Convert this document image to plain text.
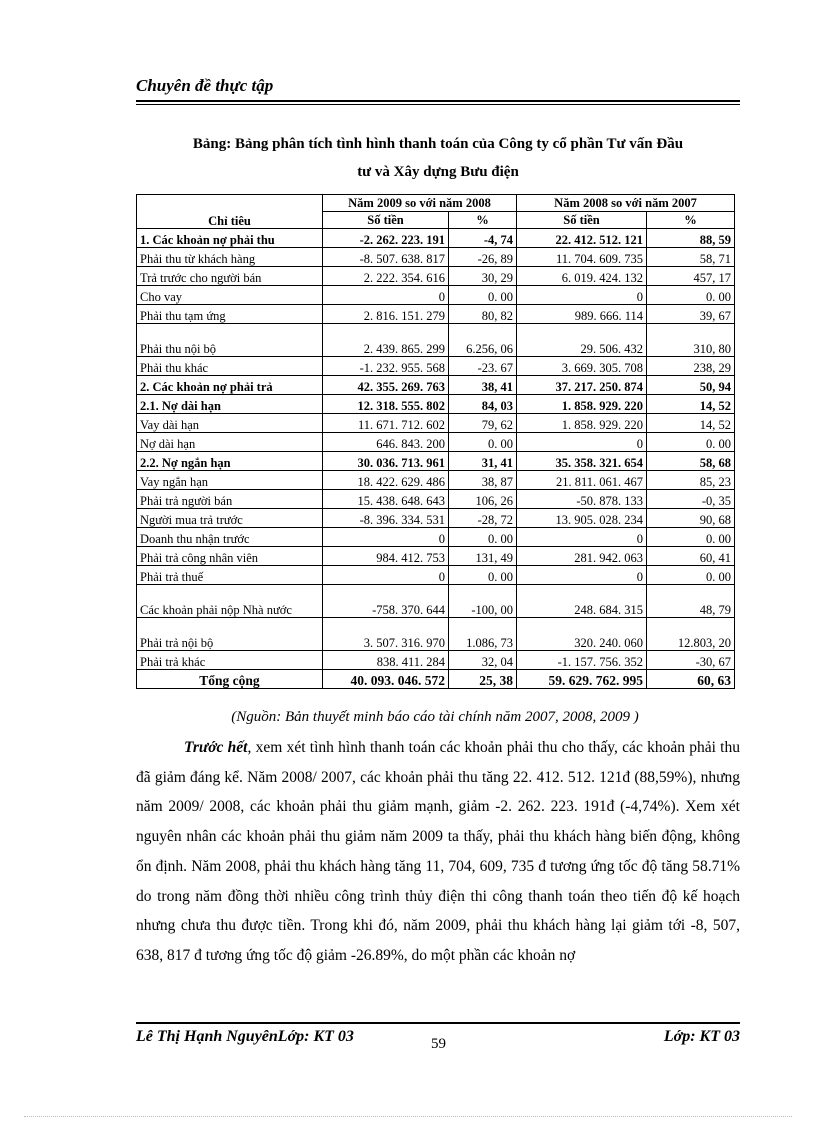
Chuyên đề thực tập
Bảng: Bảng phân tích tình hình thanh toán của Công ty cổ phần Tư vấn Đầu
tư và Xây dựng Bưu điện
Chỉ tiêu	Năm 2009 so với năm 2008		Năm 2008 so với năm 2007	
	Số tiền	%	Số tiền	%
1. Các khoản nợ phải thu	-2. 262. 223. 191	-4, 74	22. 412. 512. 121	88, 59
Phải thu từ khách hàng	-8. 507. 638. 817	-26, 89	11. 704. 609. 735	58, 71
Trả trước cho người bán	2. 222. 354. 616	30, 29	6. 019. 424. 132	457, 17
Cho vay	0	0. 00	0	0. 00
Phải thu tạm ứng	2. 816. 151. 279	80, 82	989. 666. 114	39, 67
Phải thu nội bộ	2. 439. 865. 299	6.256, 06	29. 506. 432	310, 80
Phải thu khác	-1. 232. 955. 568	-23. 67	3. 669. 305. 708	238, 29
2. Các khoản nợ phải trả	42. 355. 269. 763	38, 41	37. 217. 250. 874	50, 94
2.1. Nợ dài hạn	12. 318. 555. 802	84, 03	1. 858. 929. 220	14, 52
Vay dài hạn	11. 671. 712. 602	79, 62	1. 858. 929. 220	14, 52
Nợ dài hạn	646. 843. 200	0. 00	0	0. 00
2.2. Nợ ngắn hạn	30. 036. 713. 961	31, 41	35. 358. 321. 654	58, 68
Vay ngắn hạn	18. 422. 629. 486	38, 87	21. 811. 061. 467	85, 23
Phải trả người bán	15. 438. 648. 643	106, 26	-50. 878. 133	-0, 35
Người mua trả trước	-8. 396. 334. 531	-28, 72	13. 905. 028. 234	90, 68
Doanh thu nhận trước	0	0. 00	0	0. 00
Phải trả công nhân viên	984. 412. 753	131, 49	281. 942. 063	60, 41
Phải trả thuế	0	0. 00	0	0. 00
Các khoản phải nộp Nhà nước	-758. 370. 644	-100, 00	248. 684. 315	48, 79
Phải trả nội bộ	3. 507. 316. 970	1.086, 73	320. 240. 060	12.803, 20
Phải trả khác	838. 411. 284	32, 04	-1. 157. 756. 352	-30, 67
Tổng cộng	40. 093. 046. 572	25, 38	59. 629. 762. 995	60, 63
(Nguồn: Bản thuyết minh báo cáo tài chính năm 2007, 2008, 2009 )

Trước hết, xem xét tình hình thanh toán các khoản phải thu cho thấy, các khoản phải thu đã giảm đáng kể. Năm 2008/ 2007, các khoản phải thu tăng 22. 412. 512. 121đ (88,59%), nhưng năm 2009/ 2008, các khoản phải thu giảm mạnh, giảm -2. 262. 223. 191đ (-4,74%). Xem xét nguyên nhân các khoản phải thu giảm năm 2009 ta thấy, phải thu khách hàng biến động, không ổn định. Năm 2008, phải thu khách hàng tăng 11, 704, 609, 735 đ tương ứng tốc độ tăng 58.71% do trong năm đồng thời nhiều công trình thủy điện thi công thanh toán theo tiến độ kế hoạch nhưng chưa thu được tiền. Trong khi đó, năm 2009, phải thu khách hàng lại giảm tới -8, 507, 638, 817 đ tương ứng tốc độ giảm -26.89%, do một phần các khoản nợ

Lê Thị Hạnh NguyênLớp: KT 03	59	Lớp: KT 03
